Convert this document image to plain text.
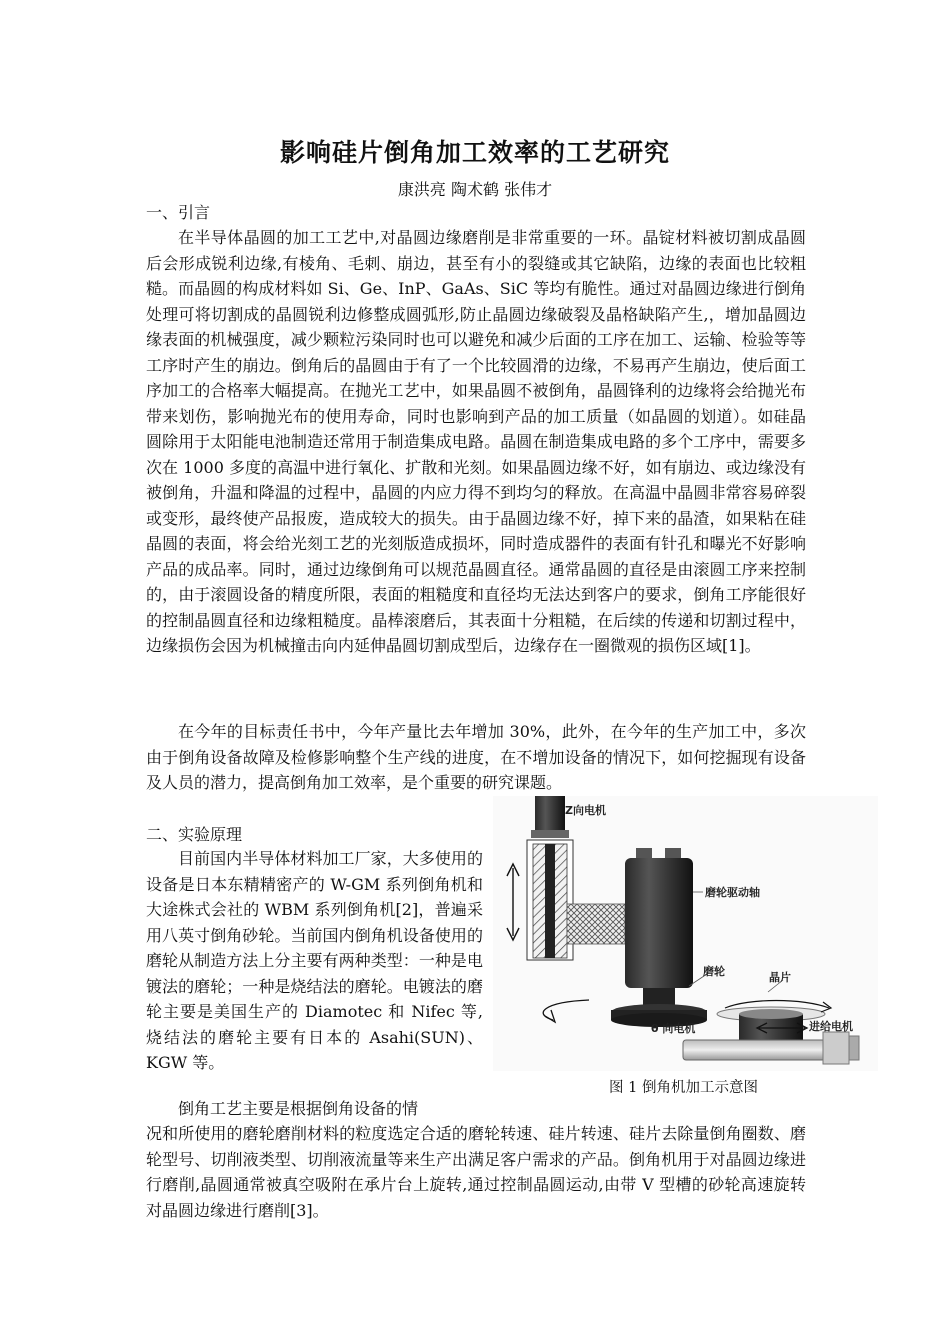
影响硅片倒角加工效率的工艺研究
康洪亮 陶术鹤 张伟才
一、引言

在半导体晶圆的加工工艺中,对晶圆边缘磨削是非常重要的一环。晶锭材料被切割成晶圆后会形成锐利边缘,有棱角、毛刺、崩边，甚至有小的裂缝或其它缺陷，边缘的表面也比较粗糙。而晶圆的构成材料如 Si、Ge、InP、GaAs、SiC 等均有脆性。通过对晶圆边缘进行倒角处理可将切割成的晶圆锐利边修整成圆弧形,防止晶圆边缘破裂及晶格缺陷产生,，增加晶圆边缘表面的机械强度，减少颗粒污染同时也可以避免和减少后面的工序在加工、运输、检验等等工序时产生的崩边。倒角后的晶圆由于有了一个比较圆滑的边缘，不易再产生崩边，使后面工序加工的合格率大幅提高。在抛光工艺中，如果晶圆不被倒角，晶圆锋利的边缘将会给抛光布带来划伤，影响抛光布的使用寿命，同时也影响到产品的加工质量（如晶圆的划道）。如硅晶圆除用于太阳能电池制造还常用于制造集成电路。晶圆在制造集成电路的多个工序中，需要多次在 1000 多度的高温中进行氧化、扩散和光刻。如果晶圆边缘不好，如有崩边、或边缘没有被倒角，升温和降温的过程中，晶圆的内应力得不到均匀的释放。在高温中晶圆非常容易碎裂或变形，最终使产品报废，造成较大的损失。由于晶圆边缘不好，掉下来的晶渣，如果粘在硅晶圆的表面，将会给光刻工艺的光刻版造成损坏，同时造成器件的表面有针孔和曝光不好影响产品的成品率。同时，通过边缘倒角可以规范晶圆直径。通常晶圆的直径是由滚圆工序来控制的，由于滚圆设备的精度所限，表面的粗糙度和直径均无法达到客户的要求，倒角工序能很好的控制晶圆直径和边缘粗糙度。晶棒滚磨后，其表面十分粗糙，在后续的传递和切割过程中，边缘损伤会因为机械撞击向内延伸晶圆切割成型后，边缘存在一圈微观的损伤区域[1]。

在今年的目标责任书中，今年产量比去年增加 30%，此外，在今年的生产加工中，多次由于倒角设备故障及检修影响整个生产线的进度，在不增加设备的情况下，如何挖掘现有设备及人员的潜力，提高倒角加工效率，是个重要的研究课题。

二、实验原理

目前国内半导体材料加工厂家，大多使用的设备是日本东精精密产的 W-GM 系列倒角机和大途株式会社的 WBM 系列倒角机[2]，普遍采用八英寸倒角砂轮。当前国内倒角机设备使用的磨轮从制造方法上分主要有两种类型：一种是电镀法的磨轮；一种是烧结法的磨轮。电镀法的磨轮主要是美国生产的 Diamotec 和 Nifec 等,烧结法的磨轮主要有日本的 Asahi(SUN)、KGW 等。

倒角工艺主要是根据倒角设备的情

况和所使用的磨轮磨削材料的粒度选定合适的磨轮转速、硅片转速、硅片去除量倒角圈数、磨轮型号、切削液类型、切削液流量等来生产出满足客户需求的产品。倒角机用于对晶圆边缘进行磨削,晶圆通常被真空吸附在承片台上旋转,通过控制晶圆运动,由带 V 型槽的砂轮高速旋转对晶圆边缘进行磨削[3]。

Z向电机
磨轮驱动轴
磨轮	晶片
θ 向电机	进给电机
图 1 倒角机加工示意图
